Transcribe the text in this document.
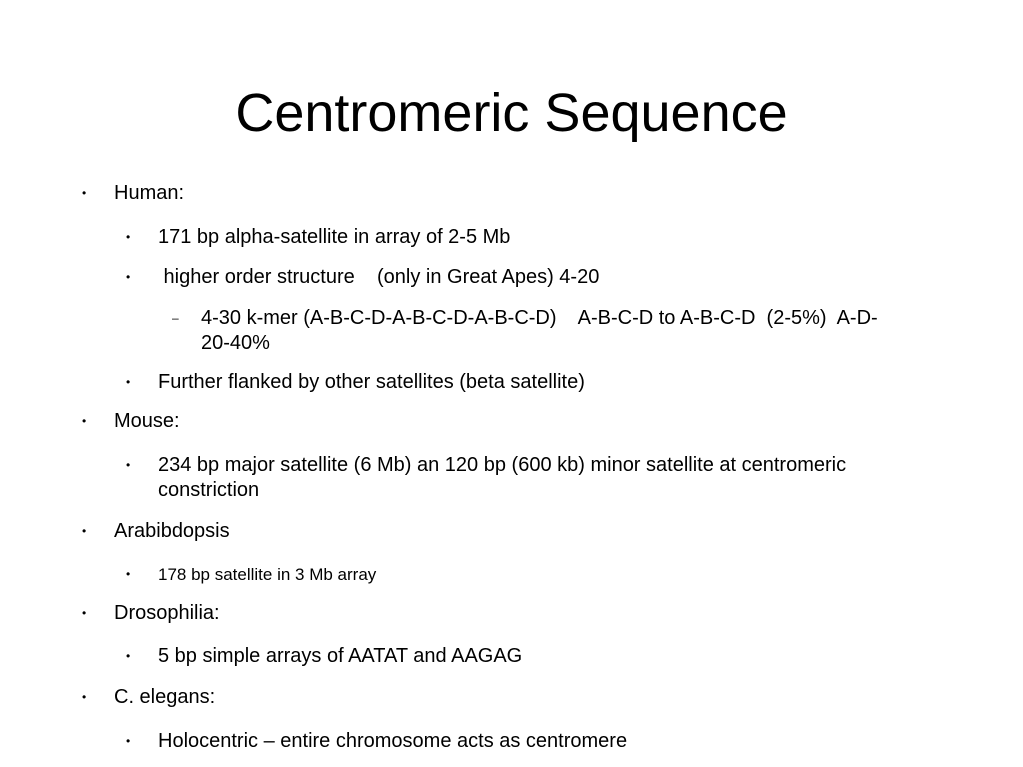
Centromeric Sequence
• Human:
• 171 bp alpha-satellite in array of 2-5 Mb
• higher order structure    (only in Great Apes) 4-20
– 4-30 k-mer (A-B-C-D-A-B-C-D-A-B-C-D)    A-B-C-D to A-B-C-D  (2-5%)  A-D-
20-40%
• Further flanked by other satellites (beta satellite)
• Mouse:
• 234 bp major satellite (6 Mb) an 120 bp (600 kb) minor satellite at centromeric
constriction
• Arabibdopsis
• 178 bp satellite in 3 Mb array
• Drosophilia:
• 5 bp simple arrays of AATAT and AAGAG
• C. elegans:
• Holocentric – entire chromosome acts as centromere
